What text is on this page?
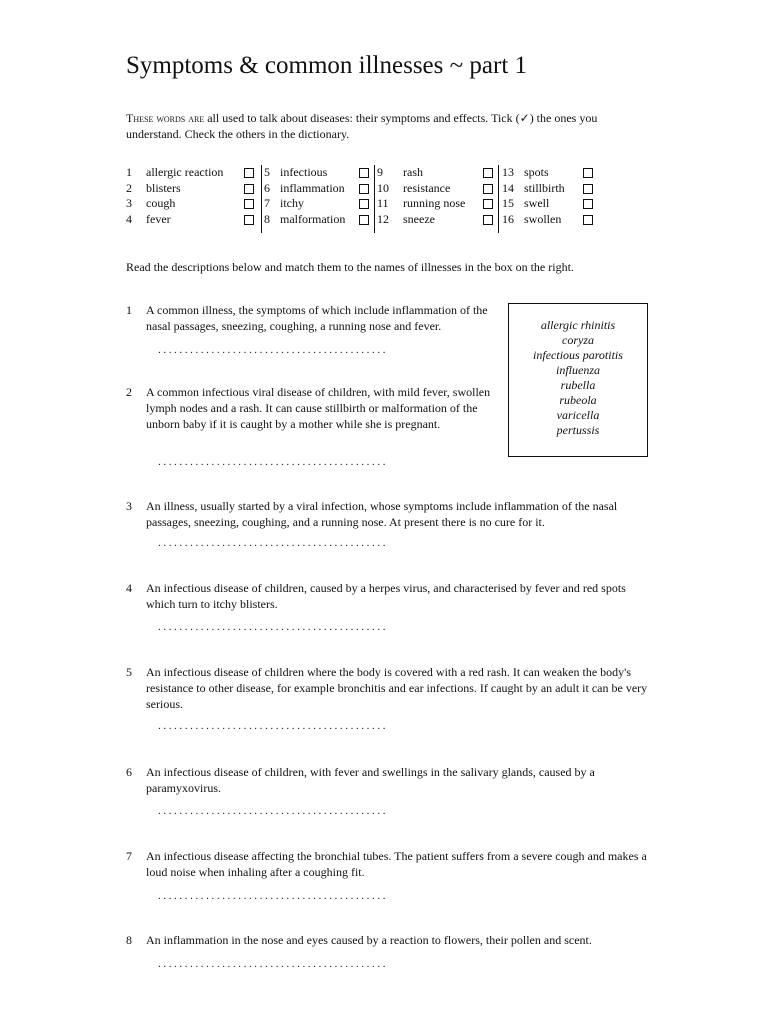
Symptoms & common illnesses ~ part 1
These words are all used to talk about diseases: their symptoms and effects. Tick (✓) the ones you understand. Check the others in the dictionary.
1 allergic reaction
2 blisters
3 cough
4 fever
5 infectious
6 inflammation
7 itchy
8 malformation
9 rash
10 resistance
11 running nose
12 sneeze
13 spots
14 stillbirth
15 swell
16 swollen
Read the descriptions below and match them to the names of illnesses in the box on the right.
allergic rhinitis
coryza
infectious parotitis
influenza
rubella
rubeola
varicella
pertussis
1	A common illness, the symptoms of which include inflammation of the nasal passages, sneezing, coughing, a running nose and fever.
...........................................
2	A common infectious viral disease of children, with mild fever, swollen lymph nodes and a rash. It can cause stillbirth or malformation of the unborn baby if it is caught by a mother while she is pregnant.
...........................................
3	An illness, usually started by a viral infection, whose symptoms include inflammation of the nasal passages, sneezing, coughing, and a running nose. At present there is no cure for it.
...........................................
4	An infectious disease of children, caused by a herpes virus, and characterised by fever and red spots which turn to itchy blisters.
...........................................
5	An infectious disease of children where the body is covered with a red rash. It can weaken the body's resistance to other disease, for example bronchitis and ear infections. If caught by an adult it can be very serious.
...........................................
6	An infectious disease of children, with fever and swellings in the salivary glands, caused by a paramyxovirus.
...........................................
7	An infectious disease affecting the bronchial tubes. The patient suffers from a severe cough and makes a loud noise when inhaling after a coughing fit.
...........................................
8	An inflammation in the nose and eyes caused by a reaction to flowers, their pollen and scent.
...........................................
